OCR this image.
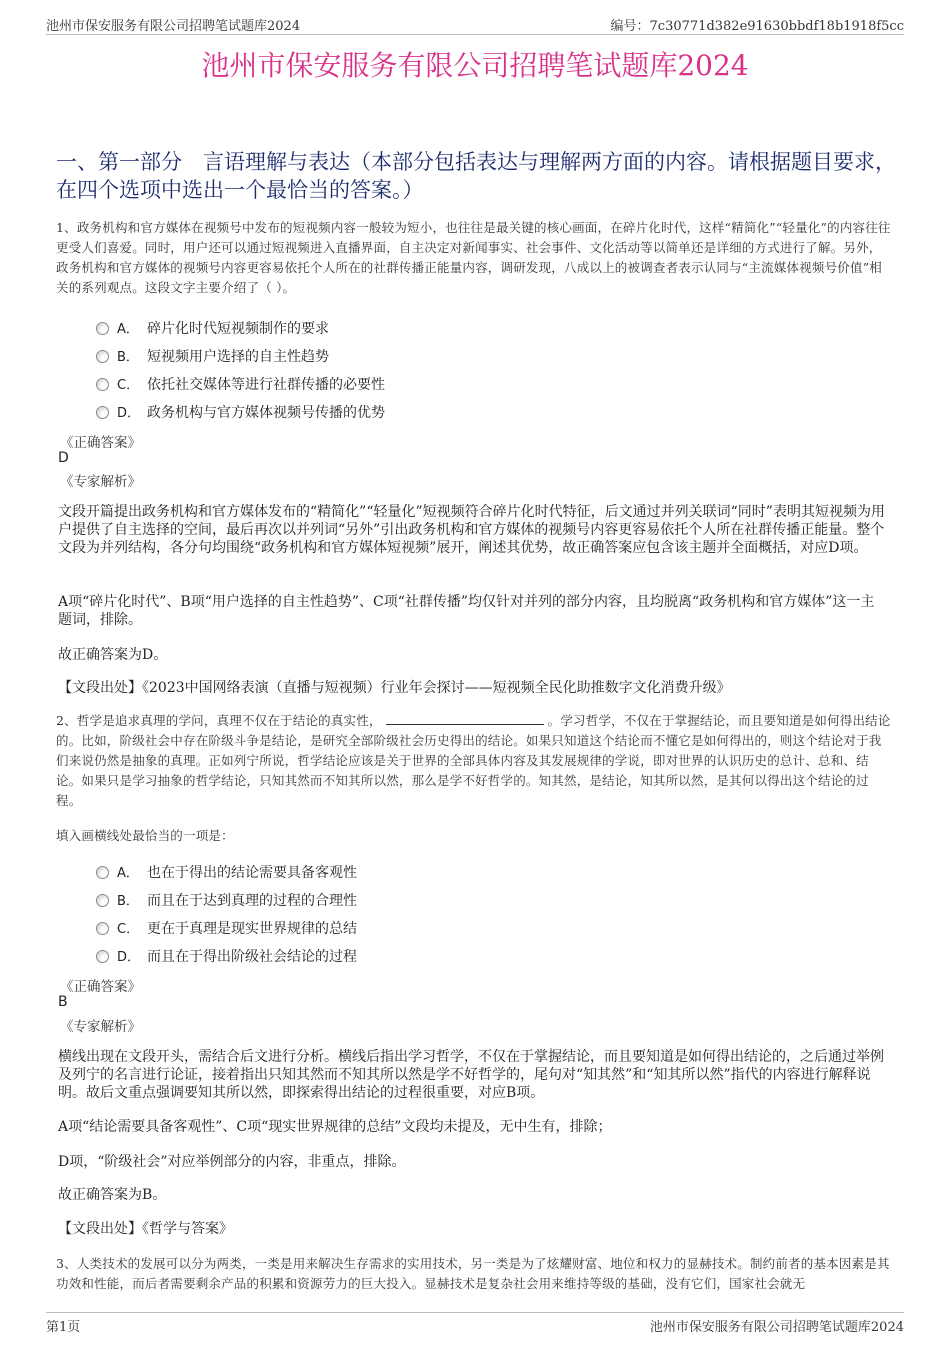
池州市保安服务有限公司招聘笔试题库2024	编号：7c30771d382e91630bbdf18b1918f5cc
池州市保安服务有限公司招聘笔试题库2024
一、第一部分　言语理解与表达（本部分包括表达与理解两方面的内容。请根据题目要求，在四个选项中选出一个最恰当的答案。）
1、政务机构和官方媒体在视频号中发布的短视频内容一般较为短小，也往往是最关键的核心画面，在碎片化时代，这样“精简化”“轻量化”的内容往往更受人们喜爱。同时，用户还可以通过短视频进入直播界面，自主决定对新闻事实、社会事件、文化活动等以简单还是详细的方式进行了解。另外，政务机构和官方媒体的视频号内容更容易依托个人所在的社群传播正能量内容，调研发现，八成以上的被调查者表示认同与“主流媒体视频号价值”相关的系列观点。这段文字主要介绍了（ ）。
A． 碎片化时代短视频制作的要求
B． 短视频用户选择的自主性趋势
C． 依托社交媒体等进行社群传播的必要性
D． 政务机构与官方媒体视频号传播的优势
《正确答案》
D
《专家解析》
文段开篇提出政务机构和官方媒体发布的“精简化”“轻量化”短视频符合碎片化时代特征，后文通过并列关联词“同时”表明其短视频为用户提供了自主选择的空间，最后再次以并列词“另外”引出政务机构和官方媒体的视频号内容更容易依托个人所在社群传播正能量。整个文段为并列结构，各分句均围绕“政务机构和官方媒体短视频”展开，阐述其优势，故正确答案应包含该主题并全面概括，对应D项。
A项“碎片化时代”、B项“用户选择的自主性趋势”、C项“社群传播”均仅针对并列的部分内容，且均脱离“政务机构和官方媒体”这一主题词，排除。
故正确答案为D。
【文段出处】《2023中国网络表演（直播与短视频）行业年会探讨——短视频全民化助推数字文化消费升级》
2、哲学是追求真理的学问，真理不仅在于结论的真实性，	。学习哲学，不仅在于掌握结论，而且要知道是如何得出结论的。比如，阶级社会中存在阶级斗争是结论，是研究全部阶级社会历史得出的结论。如果只知道这个结论而不懂它是如何得出的，则这个结论对于我们来说仍然是抽象的真理。正如列宁所说，哲学结论应该是关于世界的全部具体内容及其发展规律的学说，即对世界的认识历史的总计、总和、结论。如果只是学习抽象的哲学结论，只知其然而不知其所以然，那么是学不好哲学的。知其然，是结论，知其所以然，是其何以得出这个结论的过程。
填入画横线处最恰当的一项是：
A． 也在于得出的结论需要具备客观性
B． 而且在于达到真理的过程的合理性
C． 更在于真理是现实世界规律的总结
D． 而且在于得出阶级社会结论的过程
《正确答案》
B
《专家解析》
横线出现在文段开头，需结合后文进行分析。横线后指出学习哲学，不仅在于掌握结论，而且要知道是如何得出结论的，之后通过举例及列宁的名言进行论证，接着指出只知其然而不知其所以然是学不好哲学的，尾句对“知其然”和“知其所以然”指代的内容进行解释说明。故后文重点强调要知其所以然，即探索得出结论的过程很重要，对应B项。
A项“结论需要具备客观性”、C项“现实世界规律的总结”文段均未提及，无中生有，排除；
D项，“阶级社会”对应举例部分的内容，非重点，排除。
故正确答案为B。
【文段出处】《哲学与答案》
3、人类技术的发展可以分为两类，一类是用来解决生存需求的实用技术，另一类是为了炫耀财富、地位和权力的显赫技术。制约前者的基本因素是其功效和性能，而后者需要剩余产品的积累和资源劳力的巨大投入。显赫技术是复杂社会用来维持等级的基础，没有它们，国家社会就无
第1页	池州市保安服务有限公司招聘笔试题库2024
